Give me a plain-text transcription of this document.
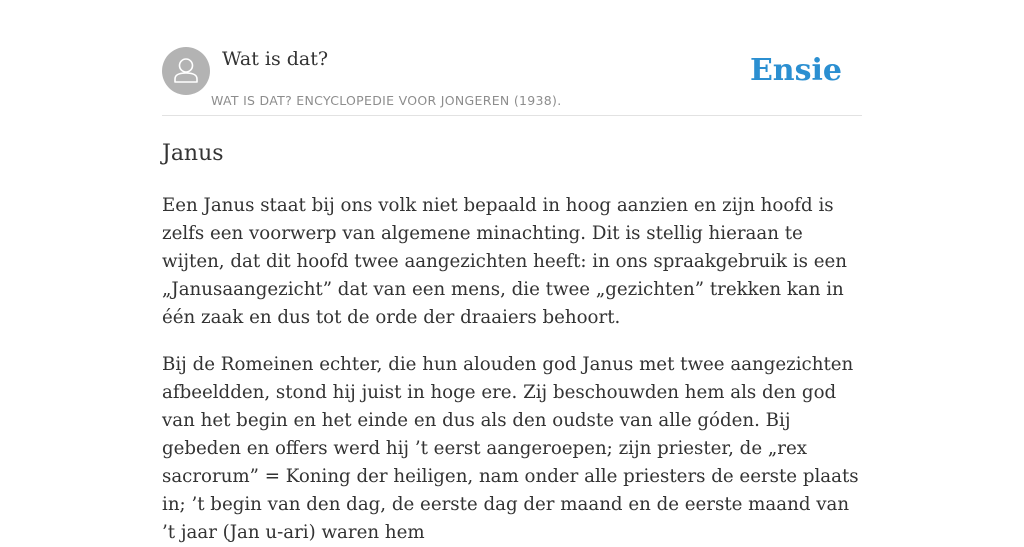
Wat is dat?
WAT IS DAT? ENCYCLOPEDIE VOOR JONGEREN (1938).
Ensie
Janus

Een Janus staat bij ons volk niet bepaald in hoog aanzien en zijn hoofd is zelfs een voorwerp van algemene minachting. Dit is stellig hieraan te wijten, dat dit hoofd twee aangezichten heeft: in ons spraakgebruik is een „Janusaangezicht” dat van een mens, die twee „gezichten” trekken kan in één zaak en dus tot de orde der draaiers behoort.

Bij de Romeinen echter, die hun alouden god Janus met twee aangezichten afbeeldden, stond hij juist in hoge ere. Zij beschouwden hem als den god van het begin en het einde en dus als den oudste van alle góden. Bij gebeden en offers werd hij ’t eerst aangeroepen; zijn priester, de „rex sacrorum” = Koning der heiligen, nam onder alle priesters de eerste plaats in; ’t begin van den dag, de eerste dag der maand en de eerste maand van ’t jaar (Jan u-ari) waren hem
